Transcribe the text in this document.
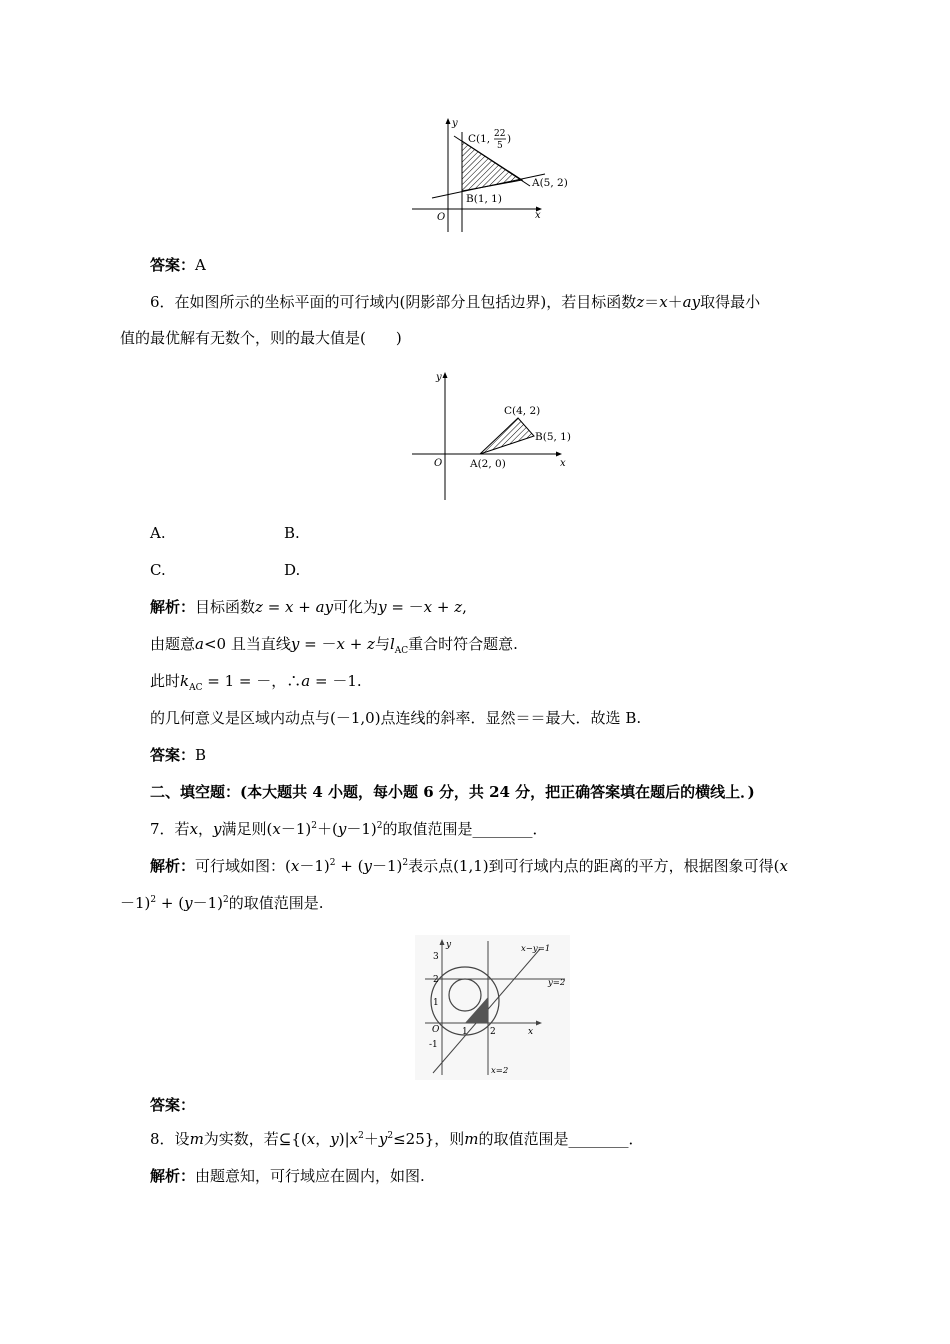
y
x
O
C(1, 22
5
)
A(5, 2)
B(1, 1)
答案：A
6．在如图所示的坐标平面的可行域内(阴影部分且包括边界)，若目标函数z＝x＋ay取得最小
值的最优解有无数个，则的最大值是(　　)
y
x
O
C(4, 2)
B(5, 1)
A(2, 0)
A.	B.
C.	D.
解析：目标函数z = x + ay可化为y = －x + z,
由题意a<0 且当直线y = －x + z与$l_{AC}$重合时符合题意.
此时$k_{AC} = 1$ = －，∴a = －1.
的几何意义是区域内动点与(－1,0)点连线的斜率．显然＝＝最大．故选 B.
答案：B
二、填空题：(本大题共 4 小题，每小题 6 分，共 24 分，把正确答案填在题后的横线上．)
7．若x，y满足则$(x-1)^2+(y-1)^2$的取值范围是________．
解析：可行域如图：$(x-1)^2 + (y-1)^2$表示点(1,1)到可行域内点的距离的平方，根据图象可得(x
$-1)^2 + (y-1)^2$的取值范围是.
y
x
O
3
2
1
-1
1 2
x−y=1
y=2
x=2
答案：
8．设m为实数，若⊆{(x，$y)|x^2+y^2\le 25$}，则m的取值范围是________．
解析：由题意知，可行域应在圆内，如图.
